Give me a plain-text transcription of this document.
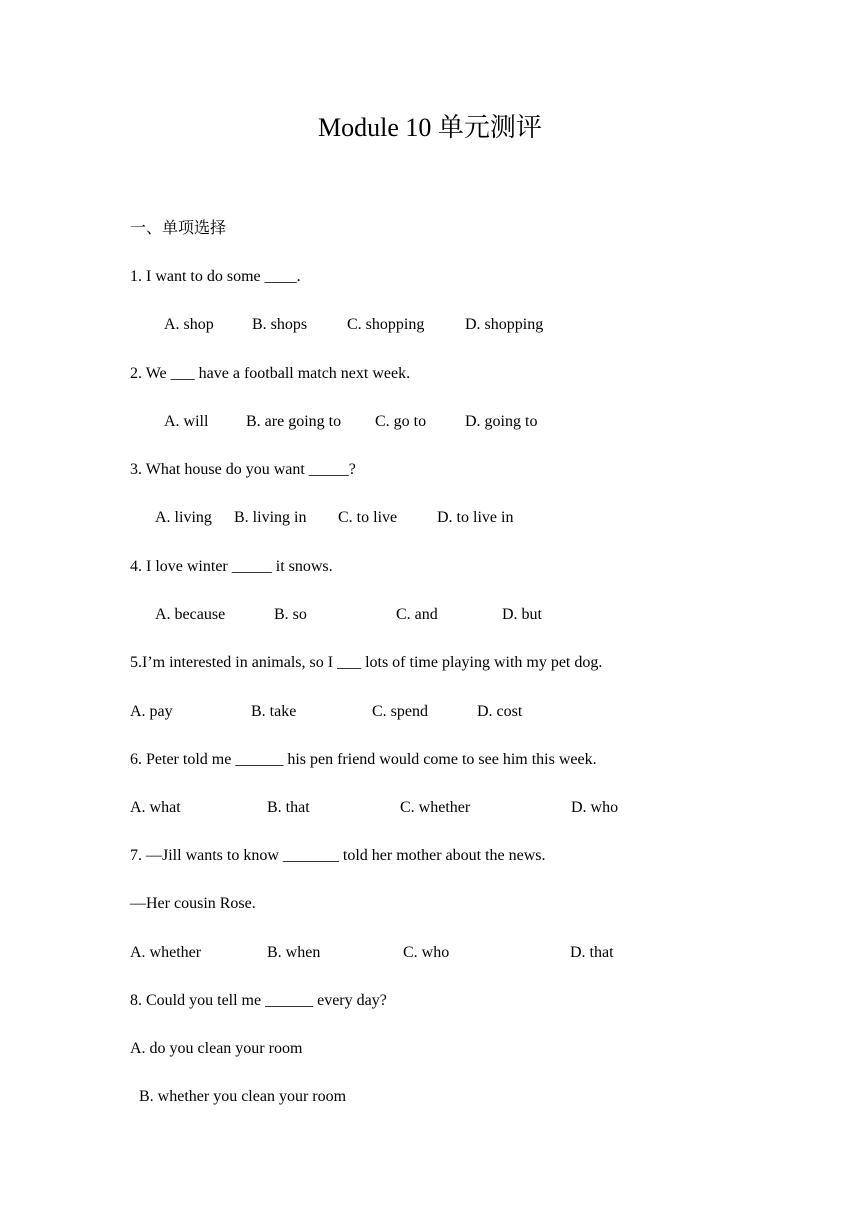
Module 10 单元测评
一、单项选择
1. I want to do some ____.
A. shop B. shops C. shopping	D. shopping
2. We ___ have a football match next week.
A. will B. are going to C. go to D. going to
3. What house do you want _____?
A. living B. living in C. to live D. to live in
4. I love winter _____ it snows.
A. because	B. so	C. and	D. but
5.I’m interested in animals, so I ___ lots of time playing with my pet dog.
A. pay	B. take	C. spend	D. cost
6. Peter told me ______ his pen friend would come to see him this week.
A. what	B. that	C. whether	D. who
7. —Jill wants to know _______ told her mother about the news.
—Her cousin Rose.
A. whether	B. when	C. who	D. that
8. Could you tell me ______ every day?
A. do you clean your room
B. whether you clean your room
